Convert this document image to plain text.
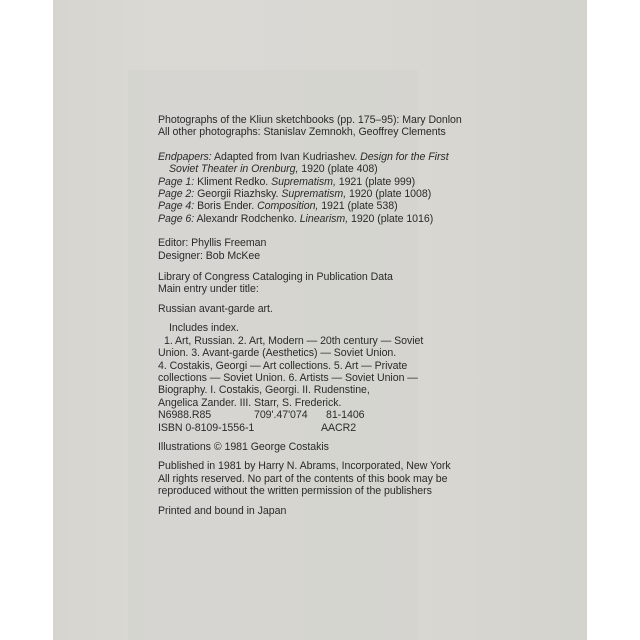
Photographs of the Kliun sketchbooks (pp. 175–95): Mary Donlon
All other photographs: Stanislav Zemnokh, Geoffrey Clements
Endpapers: Adapted from Ivan Kudriashev. Design for the First
Soviet Theater in Orenburg, 1920 (plate 408)
Page 1: Kliment Redko. Suprematism, 1921 (plate 999)
Page 2: Georgii Riazhsky. Suprematism, 1920 (plate 1008)
Page 4: Boris Ender. Composition, 1921 (plate 538)
Page 6: Alexandr Rodchenko. Linearism, 1920 (plate 1016)
Editor: Phyllis Freeman
Designer: Bob McKee
Library of Congress Cataloging in Publication Data
Main entry under title:
Russian avant-garde art.
Includes index.
1. Art, Russian. 2. Art, Modern — 20th century — Soviet
Union. 3. Avant-garde (Aesthetics) — Soviet Union.
4. Costakis, Georgi — Art collections. 5. Art — Private
collections — Soviet Union. 6. Artists — Soviet Union —
Biography. I. Costakis, Georgi. II. Rudenstine,
Angelica Zander. III. Starr, S. Frederick.
N6988.R85	709'.47'074	81-1406
ISBN 0-8109-1556-1	AACR2
Illustrations © 1981 George Costakis
Published in 1981 by Harry N. Abrams, Incorporated, New York
All rights reserved. No part of the contents of this book may be
reproduced without the written permission of the publishers
Printed and bound in Japan
